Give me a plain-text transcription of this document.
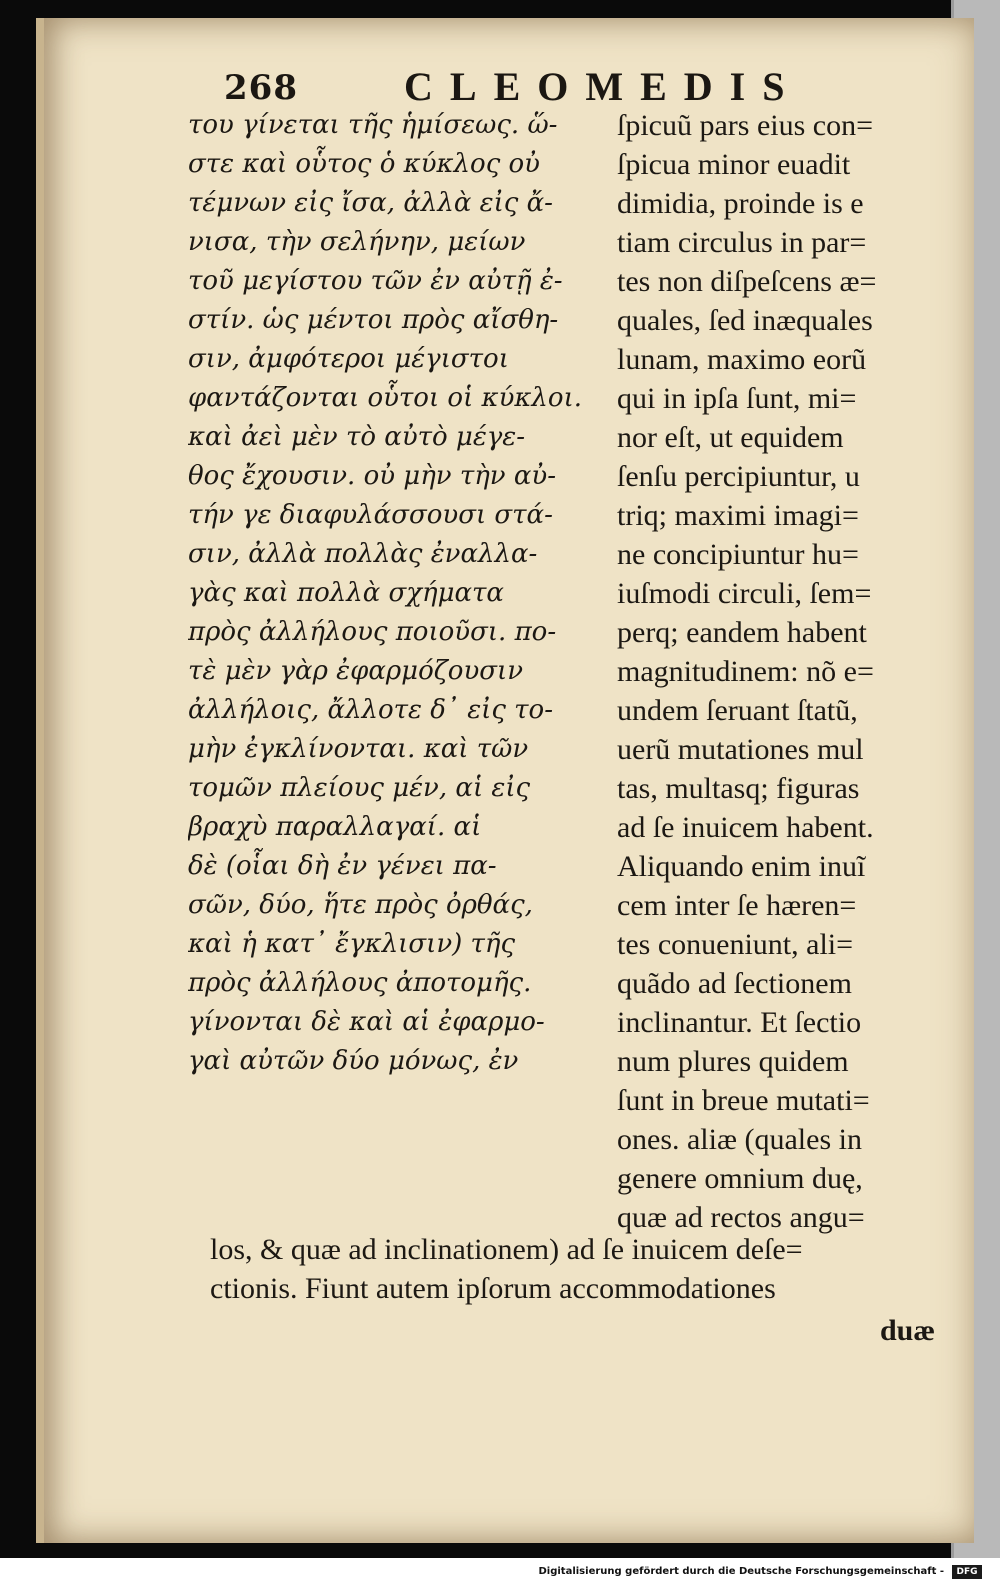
268	CLEOMEDIS
του γίνεται τῆς ἡμίσεως. ὥ-
στε καὶ οὗτος ὁ κύκλος οὐ
τέμνων εἰς ἴσα, ἀλλὰ εἰς ἄ-
νισα, τὴν σελήνην, μείων
τοῦ μεγίστου τῶν ἐν αὐτῇ ἐ-
στίν. ὡς μέντοι πρὸς αἴσθη-
σιν, ἀμφότεροι μέγιστοι
φαντάζονται οὗτοι οἱ κύκλοι.
καὶ ἀεὶ μὲν τὸ αὐτὸ μέγε-
θος ἔχουσιν. οὐ μὴν τὴν αὐ-
τήν γε διαφυλάσσουσι στά-
σιν, ἀλλὰ πολλὰς ἐναλλα-
γὰς καὶ πολλὰ σχήματα
πρὸς ἀλλήλους ποιοῦσι. πο-
τὲ μὲν γὰρ ἐφαρμόζουσιν
ἀλλήλοις, ἄλλοτε δ᾽ εἰς το-
μὴν ἐγκλίνονται. καὶ τῶν
τομῶν πλείους μέν, αἱ εἰς
βραχὺ παραλλαγαί. αἱ
δὲ (οἷαι δὴ ἐν γένει πα-
σῶν, δύο, ἥτε πρὸς ὀρθάς,
καὶ ἡ κατ᾽ ἔγκλισιν) τῆς
πρὸς ἀλλήλους ἀποτομῆς.
γίνονται δὲ καὶ αἱ ἐφαρμο-
γαὶ αὐτῶν δύο μόνως, ἐν
ſpicuũ pars eius con=
ſpicua minor euadit
dimidia, proinde is e
tiam circulus in par=
tes non diſpeſcens æ=
quales, ſed inæquales
lunam, maximo eorũ
qui in ipſa ſunt, mi=
nor eſt, ut equidem
ſenſu percipiuntur, u
triq; maximi imagi=
ne concipiuntur hu=
iuſmodi circuli, ſem=
perq; eandem habent
magnitudinem: nõ e=
undem ſeruant ſtatũ,
uerũ mutationes mul
tas, multasq; figuras
ad ſe inuicem habent.
Aliquando enim inuĩ
cem inter ſe hæren=
tes conueniunt, ali=
quãdo ad ſectionem
inclinantur. Et ſectio
num plures quidem
ſunt in breue mutati=
ones. aliæ (quales in
genere omnium duę,
quæ ad rectos angu=
los, & quæ ad inclinationem) ad ſe inuicem deſe=
ctionis. Fiunt autem ipſorum accommodationes
duæ
Digitalisierung gefördert durch die Deutsche Forschungsgemeinschaft -	DFG
